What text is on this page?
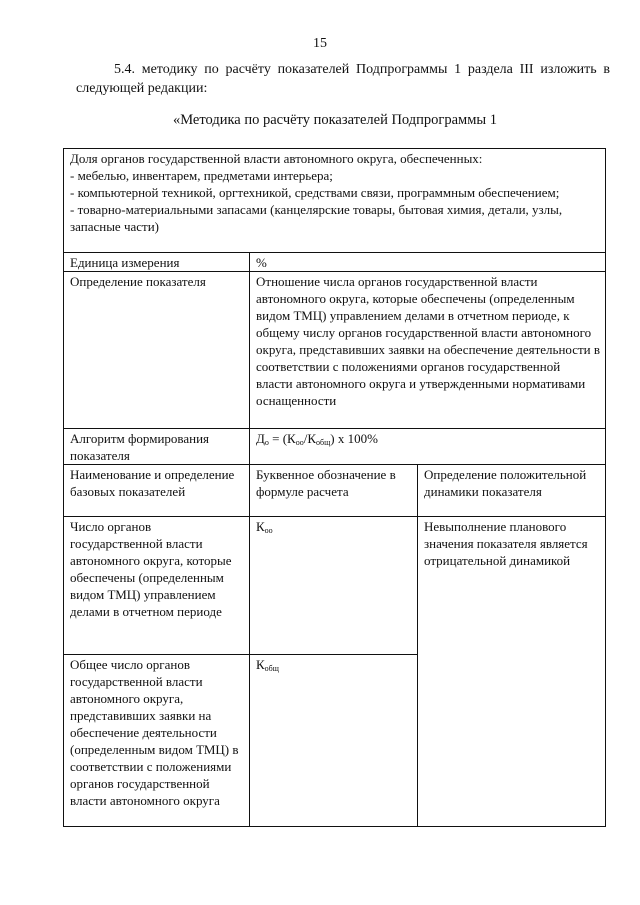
15
5.4. методику по расчёту показателей Подпрограммы 1 раздела III изложить в следующей редакции:
«Методика по расчёту показателей Подпрограммы 1
Доля органов государственной власти автономного округа, обеспеченных:
- мебелью, инвентарем, предметами интерьера;
- компьютерной техникой, оргтехникой, средствами связи, программным обеспечением;
- товарно-материальными запасами (канцелярские товары, бытовая химия, детали, узлы, запасные части)		

Единица измерения	%	
Определение показателя	Отношение числа органов государственной власти автономного округа, которые обеспечены (определенным видом ТМЦ) управлением делами в отчетном периоде, к общему числу органов государственной власти автономного округа, представивших заявки на обеспечение деятельности в соответствии с положениями органов государственной власти автономного округа и утвержденными нормативами оснащенности	
Алгоритм формирования показателя	$Д_о = (К_{оо}/К_{общ})$ х 100%	
Наименование и определение базовых показателей	Буквенное обозначение в формуле расчета	Определение положительной динамики показателя
Число органов государственной власти автономного округа, которые обеспечены (определенным видом ТМЦ) управлением делами в отчетном периоде	$К_{оо}$	Невыполнение планового значения показателя является отрицательной динамикой
Общее число органов государственной власти автономного округа, представивших заявки на обеспечение деятельности (определенным видом ТМЦ) в соответствии с положениями органов государственной власти автономного округа	$К_{общ}$
